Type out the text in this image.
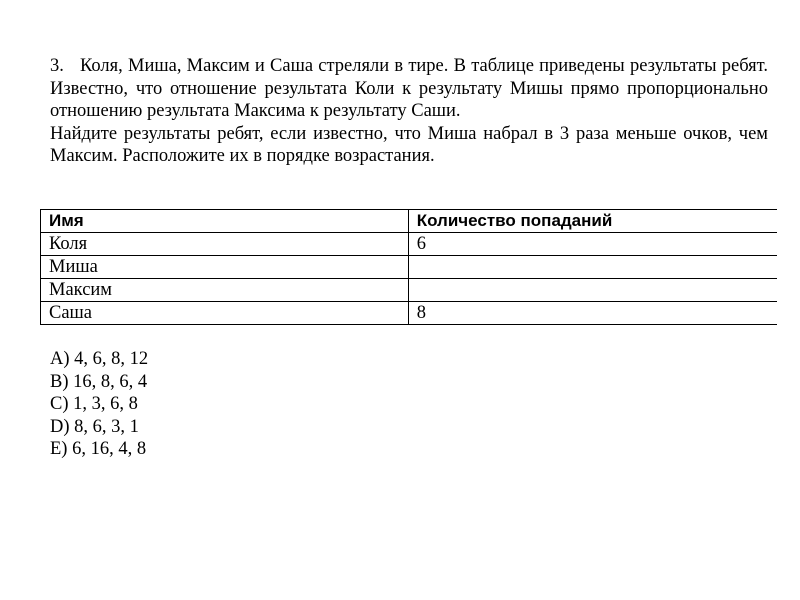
3. Коля, Миша, Максим и Саша стреляли в тире. В таблице приведены результаты ребят. Известно, что отношение результата Коли к результату Мишы прямо пропорционально отношению результата Максима к результату Саши.

Найдите результаты ребят, если известно, что Миша набрал в 3 раза меньше очков, чем Максим. Расположите их в порядке возрастания.

Имя	Количество попаданий
Коля	6
Миша	
Максим	
Саша	8
A) 4, 6, 8, 12
B) 16, 8, 6, 4
C) 1, 3, 6, 8
D) 8, 6, 3, 1
E) 6, 16, 4, 8
